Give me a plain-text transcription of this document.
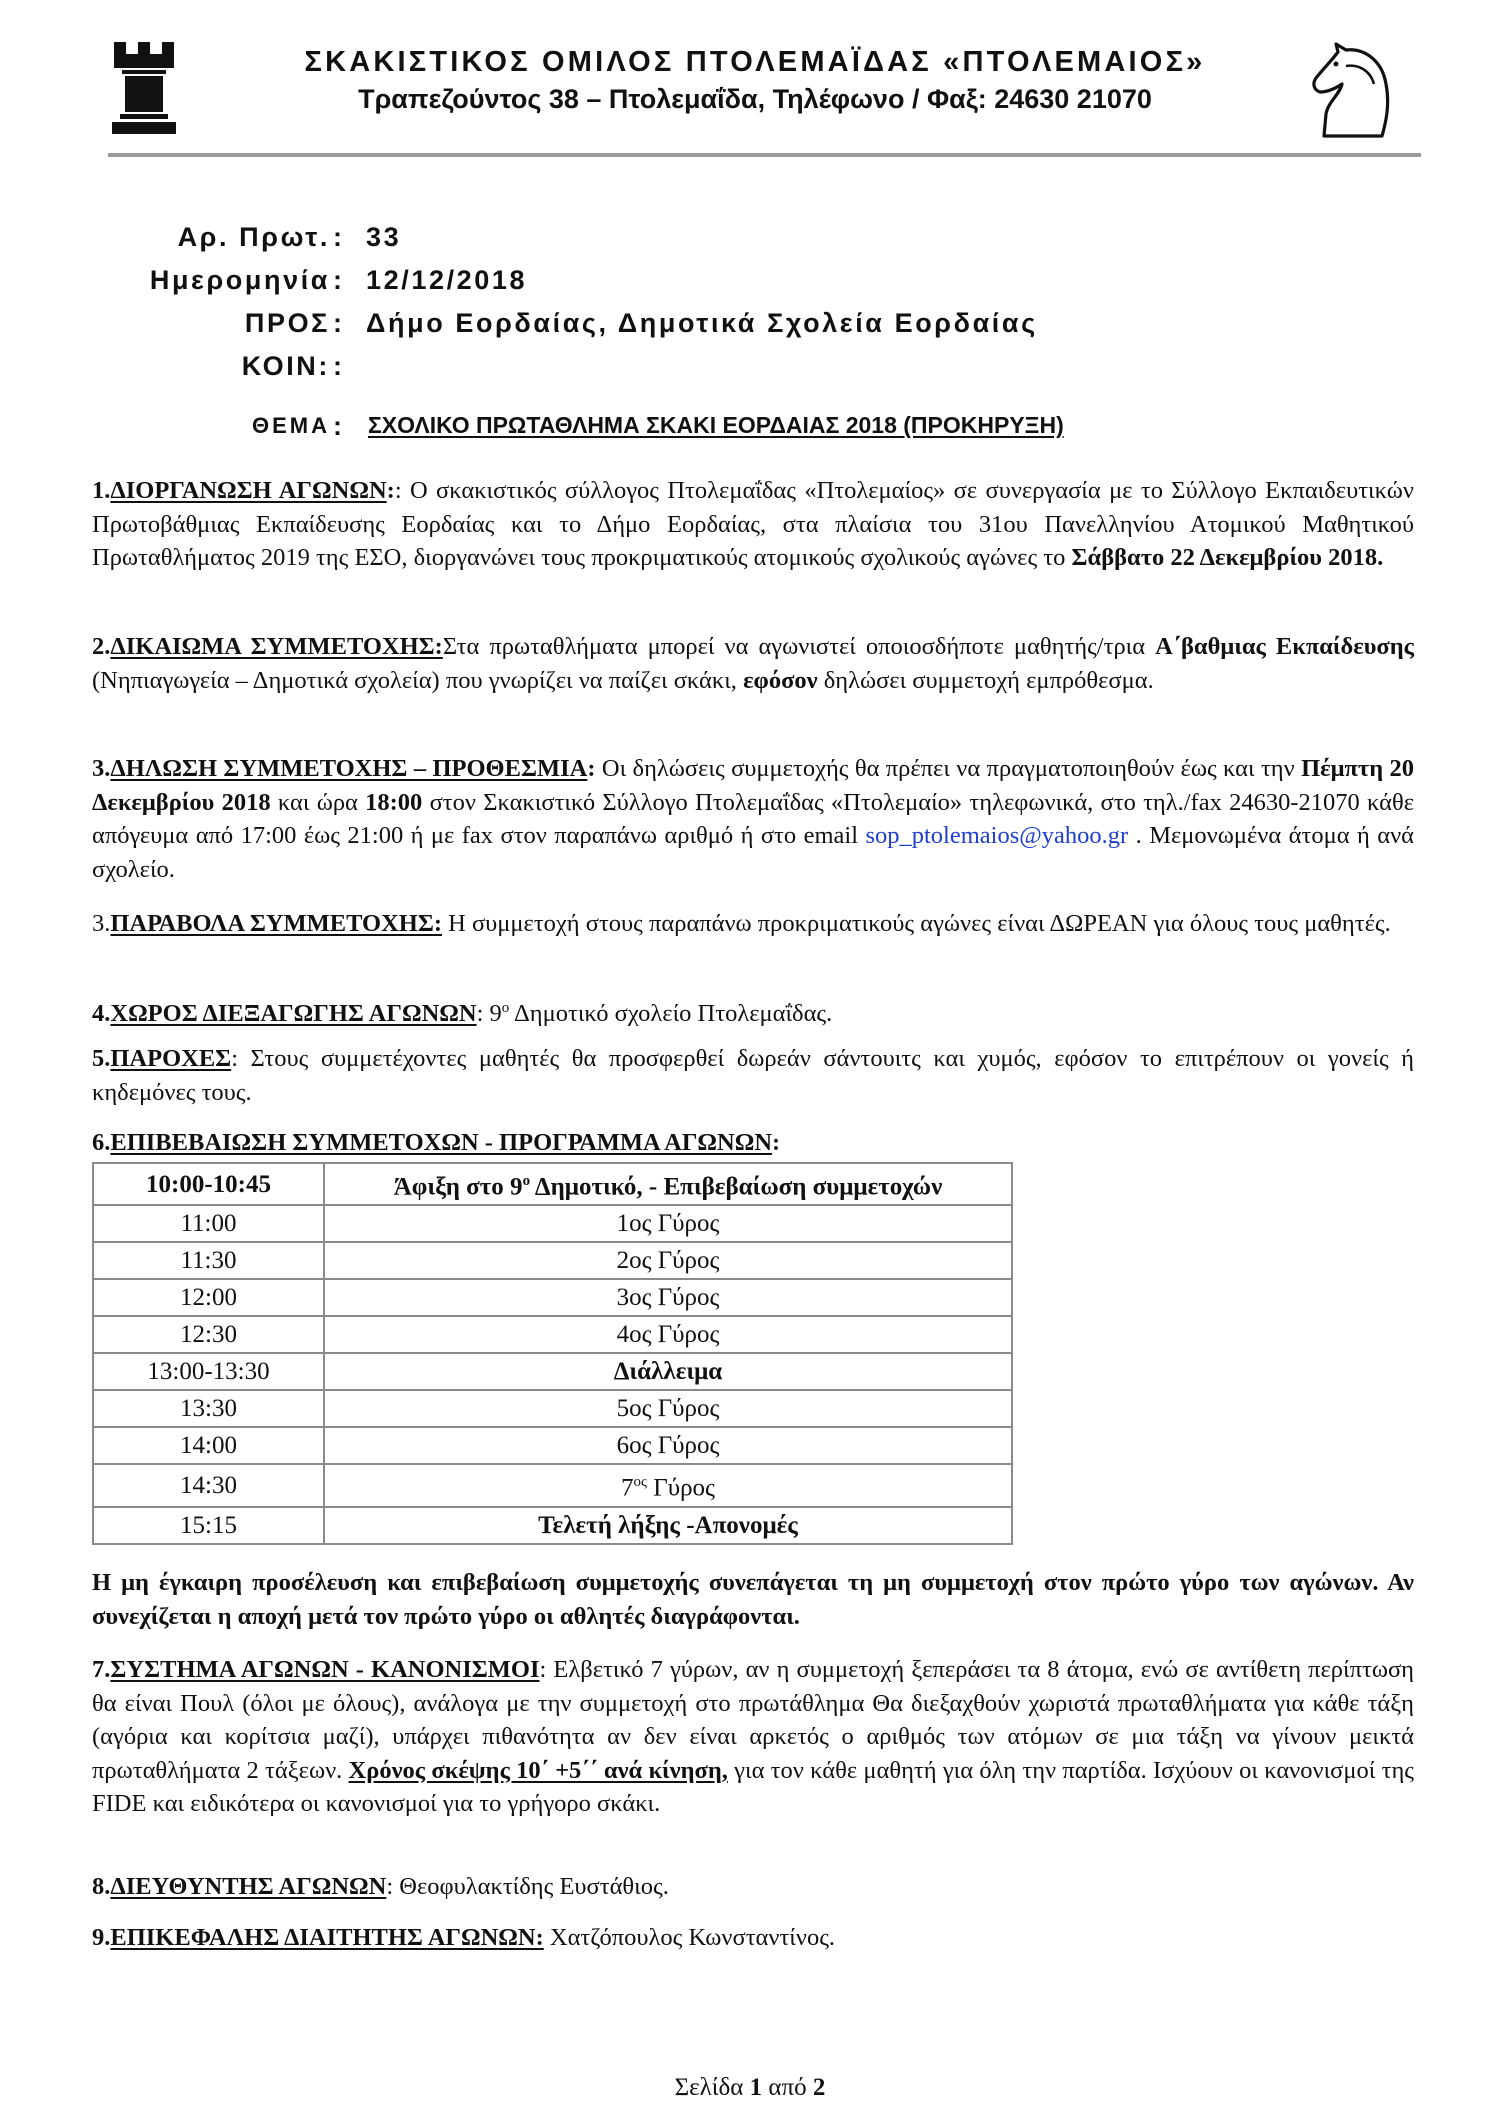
ΣΚΑΚΙΣΤΙΚΟΣ ΟΜΙΛΟΣ ΠΤΟΛΕΜΑΪΔΑΣ «ΠΤΟΛΕΜΑΙΟΣ»
Τραπεζούντος 38 – Πτολεμαΐδα, Τηλέφωνο / Φαξ: 24630 21070
Αρ. Πρωτ. : 33
Ημερομηνία : 12/12/2018
ΠΡΟΣ : Δήμο Εορδαίας, Δημοτικά Σχολεία Εορδαίας
ΚΟΙΝ: :
ΘΕΜΑ : ΣΧΟΛΙΚΟ ΠΡΩΤΑΘΛΗΜΑ ΣΚΑΚΙ ΕΟΡΔΑΙΑΣ 2018 (ΠΡΟΚΗΡΥΞΗ)
1.ΔΙΟΡΓΑΝΩΣΗ ΑΓΩΝΩΝ:: Ο σκακιστικός σύλλογος Πτολεμαΐδας «Πτολεμαίος» σε συνεργασία με το Σύλλογο Εκπαιδευτικών Πρωτοβάθμιας Εκπαίδευσης Εορδαίας και το Δήμο Εορδαίας, στα πλαίσια του 31ου Πανελληνίου Ατομικού Μαθητικού Πρωταθλήματος 2019 της ΕΣΟ, διοργανώνει τους προκριματικούς ατομικούς σχολικούς αγώνες το Σάββατο 22 Δεκεμβρίου 2018.
2.ΔΙΚΑΙΩΜΑ ΣΥΜΜΕΤΟΧΗΣ:Στα πρωταθλήματα μπορεί να αγωνιστεί οποιοσδήποτε μαθητής/τρια Α΄βαθμιας Εκπαίδευσης (Νηπιαγωγεία – Δημοτικά σχολεία) που γνωρίζει να παίζει σκάκι, εφόσον δηλώσει συμμετοχή εμπρόθεσμα.
3.ΔΗΛΩΣΗ ΣΥΜΜΕΤΟΧΗΣ – ΠΡΟΘΕΣΜΙΑ: Οι δηλώσεις συμμετοχής θα πρέπει να πραγματοποιηθούν έως και την Πέμπτη 20 Δεκεμβρίου 2018 και ώρα 18:00 στον Σκακιστικό Σύλλογο Πτολεμαΐδας «Πτολεμαίο» τηλεφωνικά, στο τηλ./fax 24630-21070 κάθε απόγευμα από 17:00 έως 21:00 ή με fax στον παραπάνω αριθμό ή στο email sop_ptolemaios@yahoo.gr . Μεμονωμένα άτομα ή ανά σχολείο.
3.ΠΑΡΑΒΟΛΑ ΣΥΜΜΕΤΟΧΗΣ: Η συμμετοχή στους παραπάνω προκριματικούς αγώνες είναι ΔΩΡΕΑΝ για όλους τους μαθητές.
4.ΧΩΡΟΣ ΔΙΕΞΑΓΩΓΗΣ ΑΓΩΝΩΝ: $9^o$ Δημοτικό σχολείο Πτολεμαΐδας.
5.ΠΑΡΟΧΕΣ: Στους συμμετέχοντες μαθητές θα προσφερθεί δωρεάν σάντουιτς και χυμός, εφόσον το επιτρέπουν οι γονείς ή κηδεμόνες τους.
6.ΕΠΙΒΕΒΑΙΩΣΗ ΣΥΜΜΕΤΟΧΩΝ - ΠΡΟΓΡΑΜΜΑ ΑΓΩΝΩΝ:
10:00-10:45	Άφιξη στο $9^o$ Δημοτικό, - Επιβεβαίωση συμμετοχών
11:00	1ος Γύρος
11:30	2ος Γύρος
12:00	3ος Γύρος
12:30	4ος Γύρος
13:00-13:30	Διάλλειμα
13:30	5ος Γύρος
14:00	6ος Γύρος
14:30	$7^{o\varsigma}$ Γύρος
15:15	Τελετή λήξης -Απονομές
Η μη έγκαιρη προσέλευση και επιβεβαίωση συμμετοχής συνεπάγεται τη μη συμμετοχή στον πρώτο γύρο των αγώνων. Αν συνεχίζεται η αποχή μετά τον πρώτο γύρο οι αθλητές διαγράφονται.
7.ΣΥΣΤΗΜΑ ΑΓΩΝΩΝ - ΚΑΝΟΝΙΣΜΟΙ: Ελβετικό 7 γύρων, αν η συμμετοχή ξεπεράσει τα 8 άτομα, ενώ σε αντίθετη περίπτωση θα είναι Πουλ (όλοι με όλους), ανάλογα με την συμμετοχή στο πρωτάθλημα Θα διεξαχθούν χωριστά πρωταθλήματα για κάθε τάξη (αγόρια και κορίτσια μαζί), υπάρχει πιθανότητα αν δεν είναι αρκετός ο αριθμός των ατόμων σε μια τάξη να γίνουν μεικτά πρωταθλήματα 2 τάξεων. Χρόνος σκέψης 10΄ +5΄΄ ανά κίνηση, για τον κάθε μαθητή για όλη την παρτίδα. Ισχύουν οι κανονισμοί της FIDE και ειδικότερα οι κανονισμοί για το γρήγορο σκάκι.
8.ΔΙΕΥΘΥΝΤΗΣ ΑΓΩΝΩΝ: Θεοφυλακτίδης Ευστάθιος.
9.ΕΠΙΚΕΦΑΛΗΣ ΔΙΑΙΤΗΤΗΣ ΑΓΩΝΩΝ: Χατζόπουλος Κωνσταντίνος.
Σελίδα 1 από 2
